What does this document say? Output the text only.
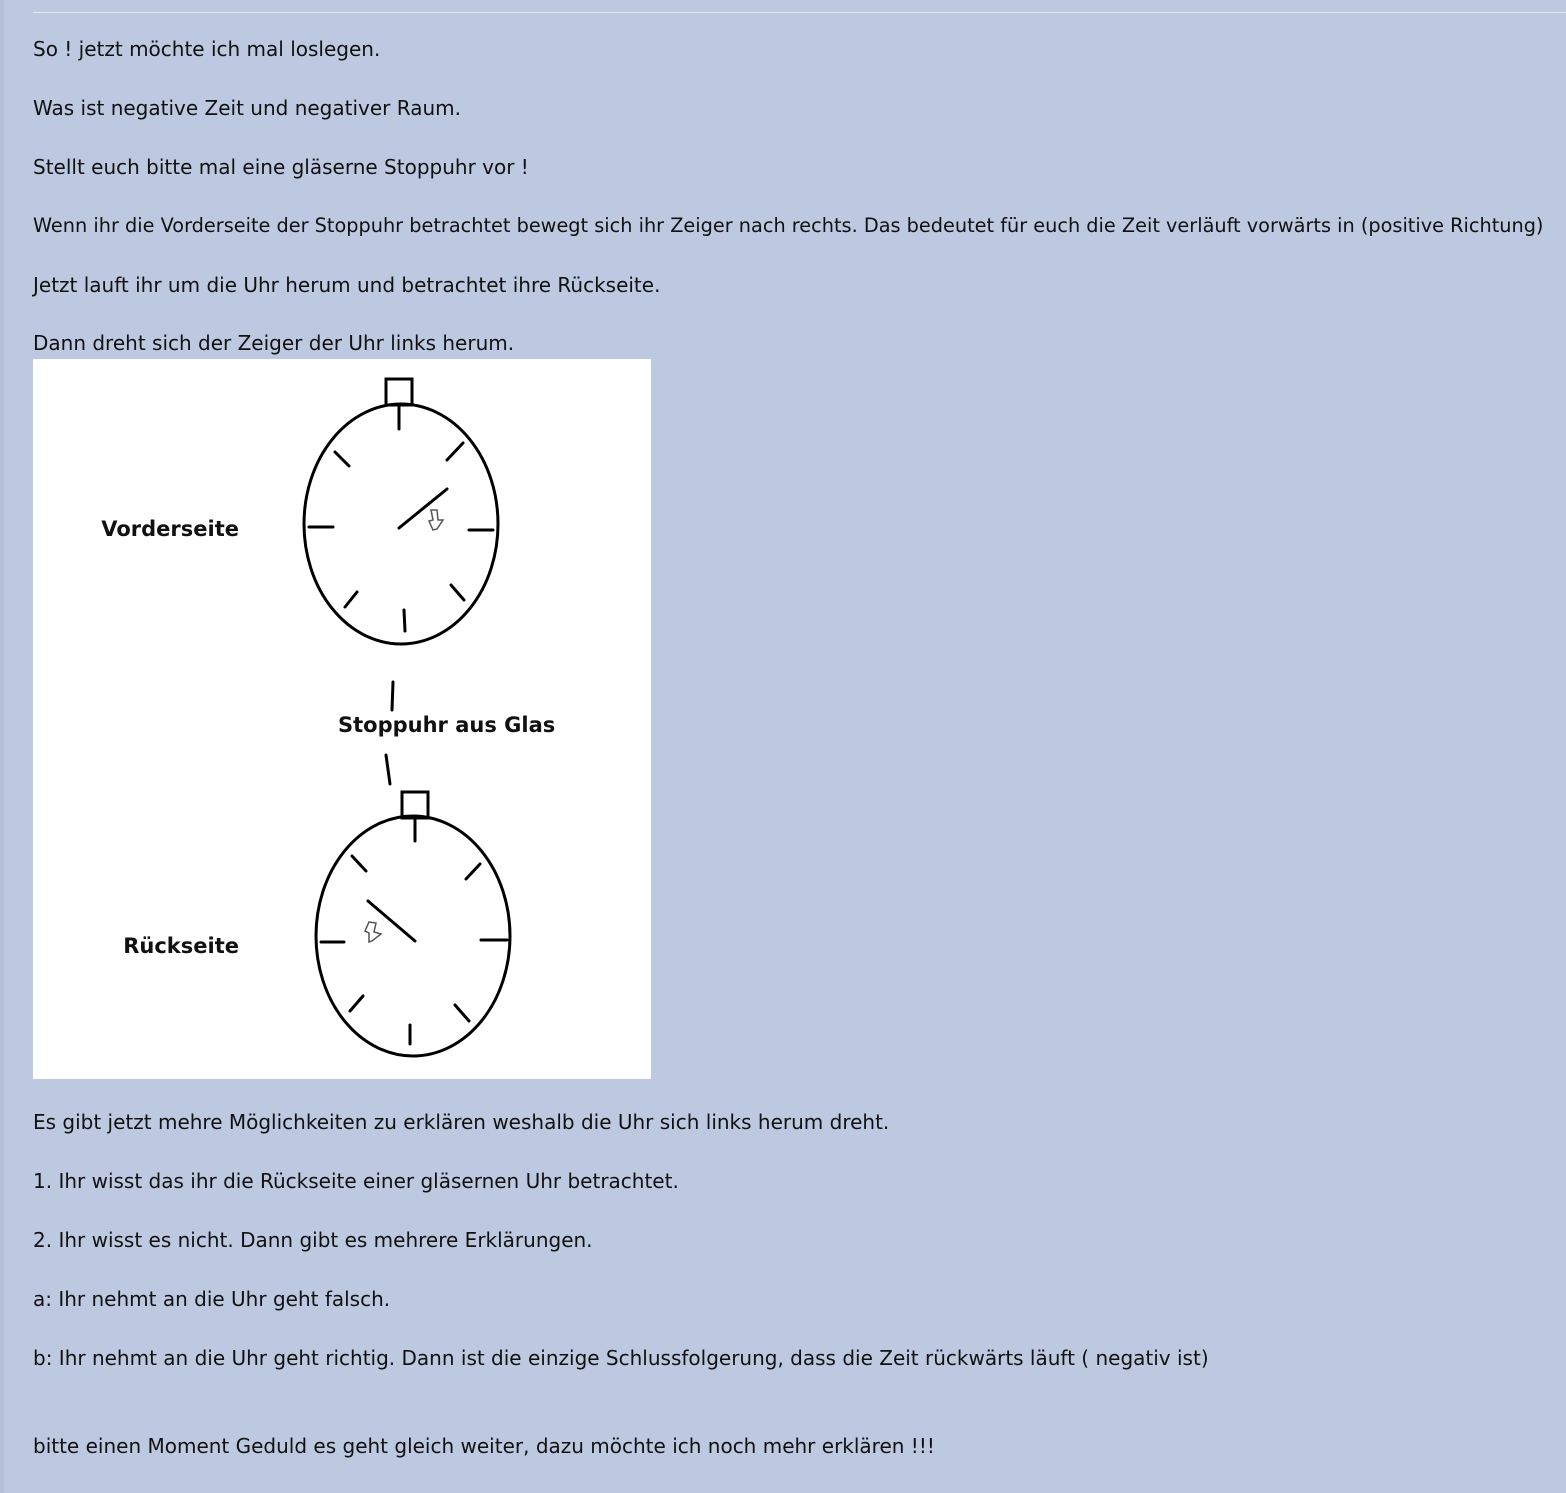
So ! jetzt möchte ich mal loslegen.
Was ist negative Zeit und negativer Raum.
Stellt euch bitte mal eine gläserne Stoppuhr vor !
Wenn ihr die Vorderseite der Stoppuhr betrachtet bewegt sich ihr Zeiger nach rechts. Das bedeutet für euch die Zeit verläuft vorwärts in (positive Richtung)
Jetzt lauft ihr um die Uhr herum und betrachtet ihre Rückseite.
Dann dreht sich der Zeiger der Uhr links herum.
Vorderseite
Stoppuhr aus Glas
Rückseite
Es gibt jetzt mehre Möglichkeiten zu erklären weshalb die Uhr sich links herum dreht.
1. Ihr wisst das ihr die Rückseite einer gläsernen Uhr betrachtet.
2. Ihr wisst es nicht. Dann gibt es mehrere Erklärungen.
a: Ihr nehmt an die Uhr geht falsch.
b: Ihr nehmt an die Uhr geht richtig. Dann ist die einzige Schlussfolgerung, dass die Zeit rückwärts läuft ( negativ ist)
bitte einen Moment Geduld es geht gleich weiter, dazu möchte ich noch mehr erklären !!!
